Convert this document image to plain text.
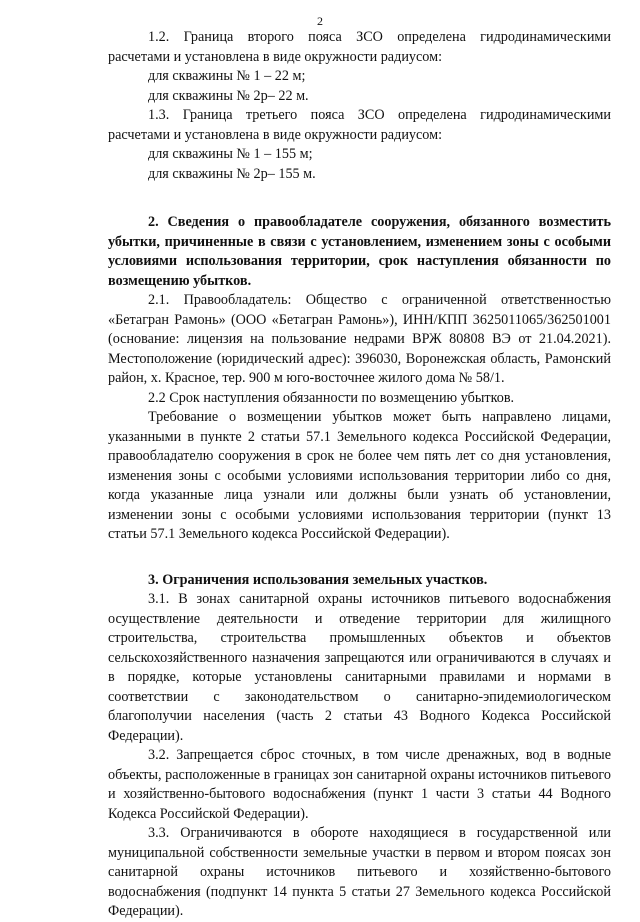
2

1.2. Граница второго пояса ЗСО определена гидродинамическими расчетами и установлена в виде окружности радиусом:

для скважины № 1 – 22 м;

для скважины № 2р– 22 м.

1.3. Граница третьего пояса ЗСО определена гидродинамическими расчетами и установлена в виде окружности радиусом:

для скважины № 1 – 155 м;

для скважины № 2р– 155 м.

2. Сведения о правообладателе сооружения, обязанного возместить убытки, причиненные в связи с установлением, изменением зоны с особыми условиями использования территории, срок наступления обязанности по возмещению убытков.

2.1. Правообладатель: Общество с ограниченной ответственностью «Бетагран Рамонь» (ООО «Бетагран Рамонь»), ИНН/КПП 3625011065/362501001 (основание: лицензия на пользование недрами ВРЖ 80808 ВЭ от 21.04.2021). Местоположение (юридический адрес): 396030, Воронежская область, Рамонский район, х. Красное, тер. 900 м юго-восточнее жилого дома № 58/1.

2.2 Срок наступления обязанности по возмещению убытков.

Требование о возмещении убытков может быть направлено лицами, указанными в пункте 2 статьи 57.1 Земельного кодекса Российской Федерации, правообладателю сооружения в срок не более чем пять лет со дня установления, изменения зоны с особыми условиями использования территории либо со дня, когда указанные лица узнали или должны были узнать об установлении, изменении зоны с особыми условиями использования территории (пункт 13 статьи 57.1 Земельного кодекса Российской Федерации).

3. Ограничения использования земельных участков.

3.1. В зонах санитарной охраны источников питьевого водоснабжения осуществление деятельности и отведение территории для жилищного строительства, строительства промышленных объектов и объектов сельскохозяйственного назначения запрещаются или ограничиваются в случаях и в порядке, которые установлены санитарными правилами и нормами в соответствии с законодательством о санитарно-эпидемиологическом благополучии населения (часть 2 статьи 43 Водного Кодекса Российской Федерации).

3.2. Запрещается сброс сточных, в том числе дренажных, вод в водные объекты, расположенные в границах зон санитарной охраны источников питьевого и хозяйственно-бытового водоснабжения (пункт 1 части 3 статьи 44 Водного Кодекса Российской Федерации).

3.3. Ограничиваются в обороте находящиеся в государственной или муниципальной собственности земельные участки в первом и втором поясах зон санитарной охраны источников питьевого и хозяйственно-бытового водоснабжения (подпункт 14 пункта 5 статьи 27 Земельного кодекса Российской Федерации).
